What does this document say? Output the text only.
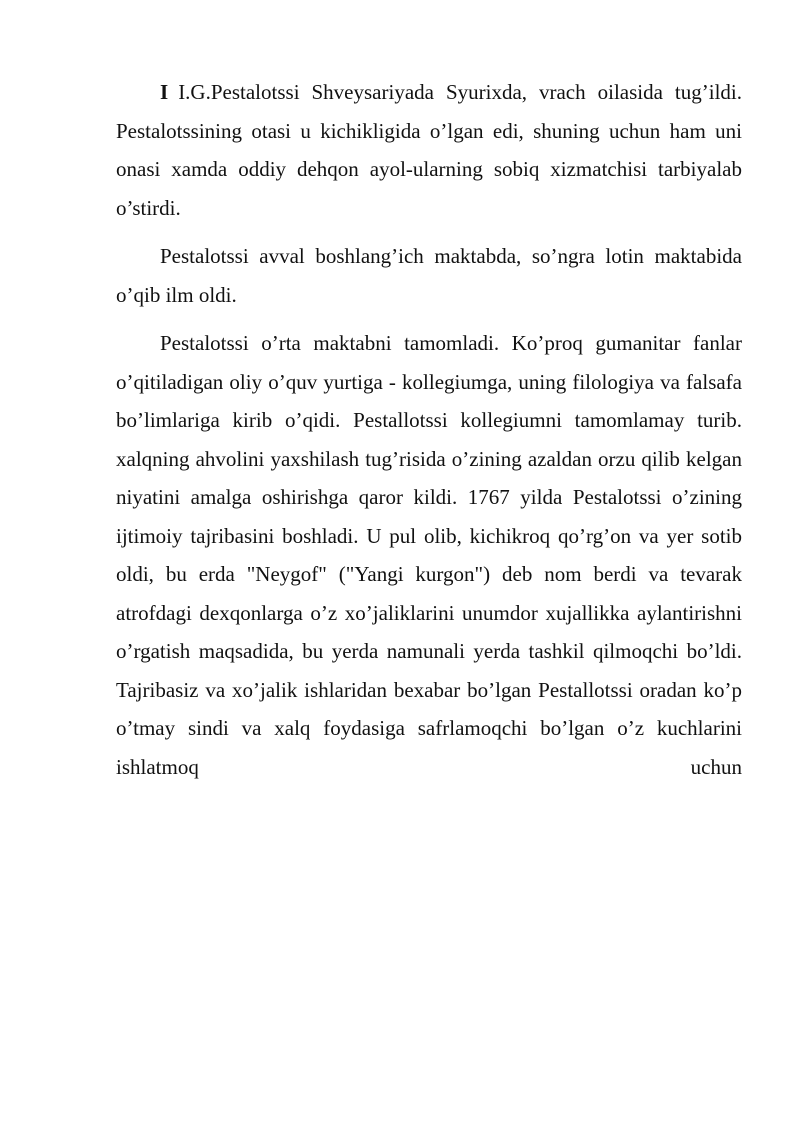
I I.G.Pestalotssi Shveysariyada Syurixda, vrach oilasida tug’ildi. Pestalotssining otasi u kichikligida o’lgan edi, shuning uchun ham uni onasi xamda oddiy dehqon ayol-ularning sobiq xizmatchisi tarbiyalab o’stirdi.

Pestalotssi avval boshlang’ich maktabda, so’ngra lotin maktabida o’qib ilm oldi.

Pestalotssi o’rta maktabni tamomladi. Ko’proq gumanitar fanlar o’qitiladigan oliy o’quv yurtiga - kollegiumga, uning filologiya va falsafa bo’limlariga kirib o’qidi. Pestallotssi kollegiumni tamomlamay turib. xalqning ahvolini yaxshilash tug’risida o’zining azaldan orzu qilib kelgan niyatini amalga oshirishga qaror kildi. 1767 yilda Pestalotssi o’zining ijtimoiy tajribasini boshladi. U pul olib, kichikroq qo’rg’on va yer sotib oldi, bu erda "Neygof" ("Yangi kurgon") deb nom berdi va tevarak atrofdagi dexqonlarga o’z xo’jaliklarini unumdor xujallikka aylantirishni o’rgatish maqsadida, bu yerda namunali yerda tashkil qilmoqchi bo’ldi. Tajribasiz va xo’jalik ishlaridan bexabar bo’lgan Pestallotssi oradan ko’p o’tmay sindi va xalq foydasiga safrlamoqchi bo’lgan o’z kuchlarini ishlatmoq uchun
